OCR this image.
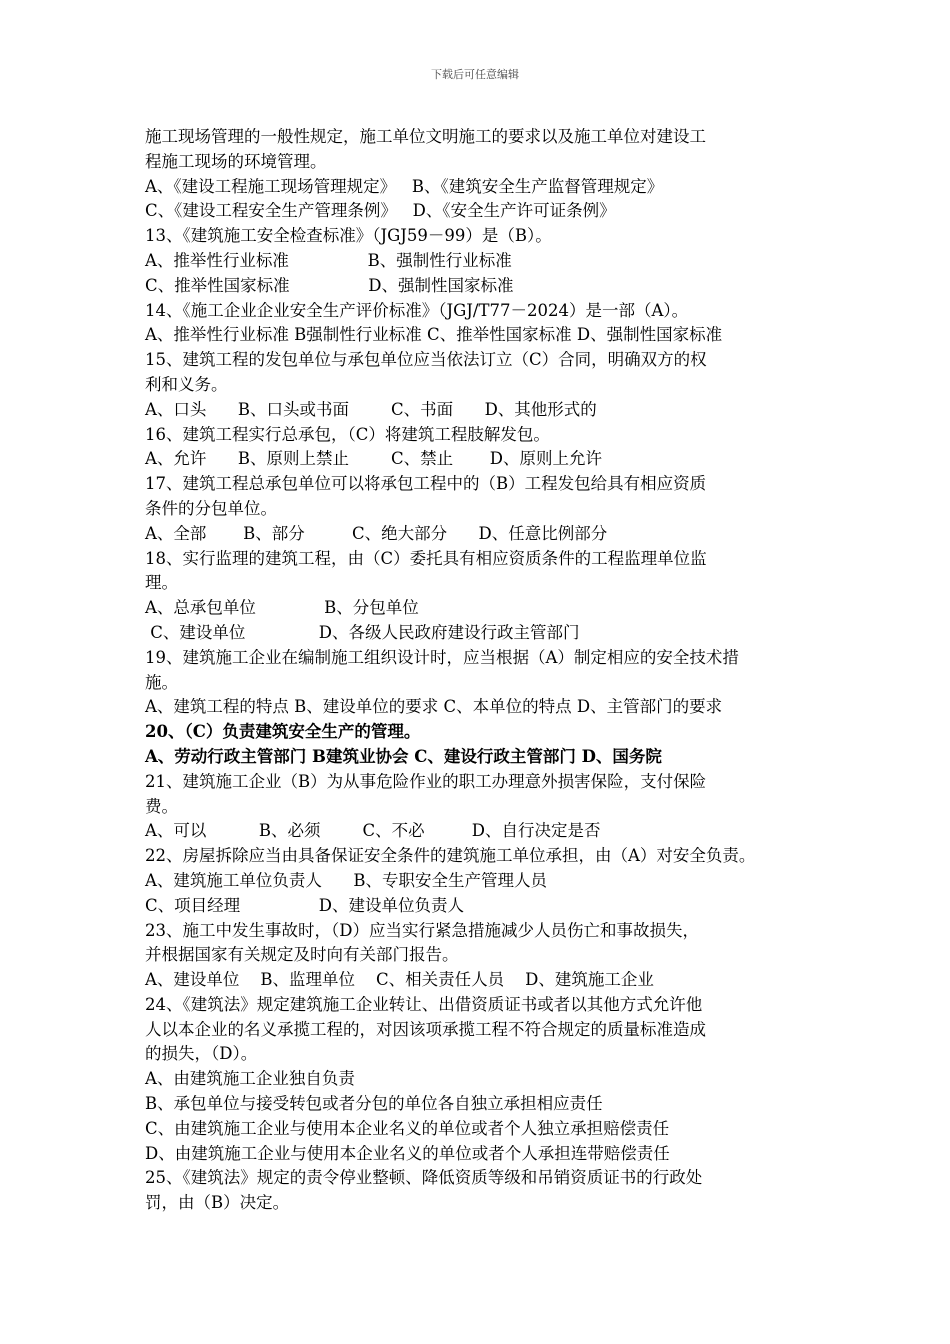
下载后可任意编辑
施工现场管理的一般性规定，施工单位文明施工的要求以及施工单位对建设工
程施工现场的环境管理。
A、《建设工程施工现场管理规定》   B、《建筑安全生产监督管理规定》
C、《建设工程安全生产管理条例》   D、《安全生产许可证条例》
13、《建筑施工安全检查标准》（JGJ59－99）是（B）。
A、推举性行业标准               B、强制性行业标准
C、推举性国家标准               D、强制性国家标准
14、《施工企业企业安全生产评价标准》（JGJ/T77－2024）是一部（A）。
A、推举性行业标准 B强制性行业标准 C、推举性国家标准 D、强制性国家标准
15、建筑工程的发包单位与承包单位应当依法订立（C）合同，明确双方的权
利和义务。
A、口头      B、口头或书面        C、书面      D、其他形式的
16、建筑工程实行总承包，（C）将建筑工程肢解发包。
A、允许      B、原则上禁止        C、禁止       D、原则上允许
17、建筑工程总承包单位可以将承包工程中的（B）工程发包给具有相应资质
条件的分包单位。
A、全部       B、部分         C、绝大部分      D、任意比例部分
18、实行监理的建筑工程，由（C）委托具有相应资质条件的工程监理单位监
理。
A、总承包单位             B、分包单位
C、建设单位              D、各级人民政府建设行政主管部门
19、建筑施工企业在编制施工组织设计时，应当根据（A）制定相应的安全技术措
施。
A、建筑工程的特点 B、建设单位的要求 C、本单位的特点 D、主管部门的要求
20、（C）负责建筑安全生产的管理。
A、劳动行政主管部门 B建筑业协会 C、建设行政主管部门 D、国务院
21、建筑施工企业（B）为从事危险作业的职工办理意外损害保险，支付保险
费。
A、可以          B、必须        C、不必         D、自行决定是否
22、房屋拆除应当由具备保证安全条件的建筑施工单位承担，由（A）对安全负责。
A、建筑施工单位负责人      B、专职安全生产管理人员
C、项目经理               D、建设单位负责人
23、施工中发生事故时，（D）应当实行紧急措施减少人员伤亡和事故损失，
并根据国家有关规定及时向有关部门报告。
A、建设单位    B、监理单位    C、相关责任人员    D、建筑施工企业
24、《建筑法》规定建筑施工企业转让、出借资质证书或者以其他方式允许他
人以本企业的名义承揽工程的，对因该项承揽工程不符合规定的质量标准造成
的损失，（D）。
A、由建筑施工企业独自负责
B、承包单位与接受转包或者分包的单位各自独立承担相应责任
C、由建筑施工企业与使用本企业名义的单位或者个人独立承担赔偿责任
D、由建筑施工企业与使用本企业名义的单位或者个人承担连带赔偿责任
25、《建筑法》规定的责令停业整顿、降低资质等级和吊销资质证书的行政处
罚，由（B）决定。
